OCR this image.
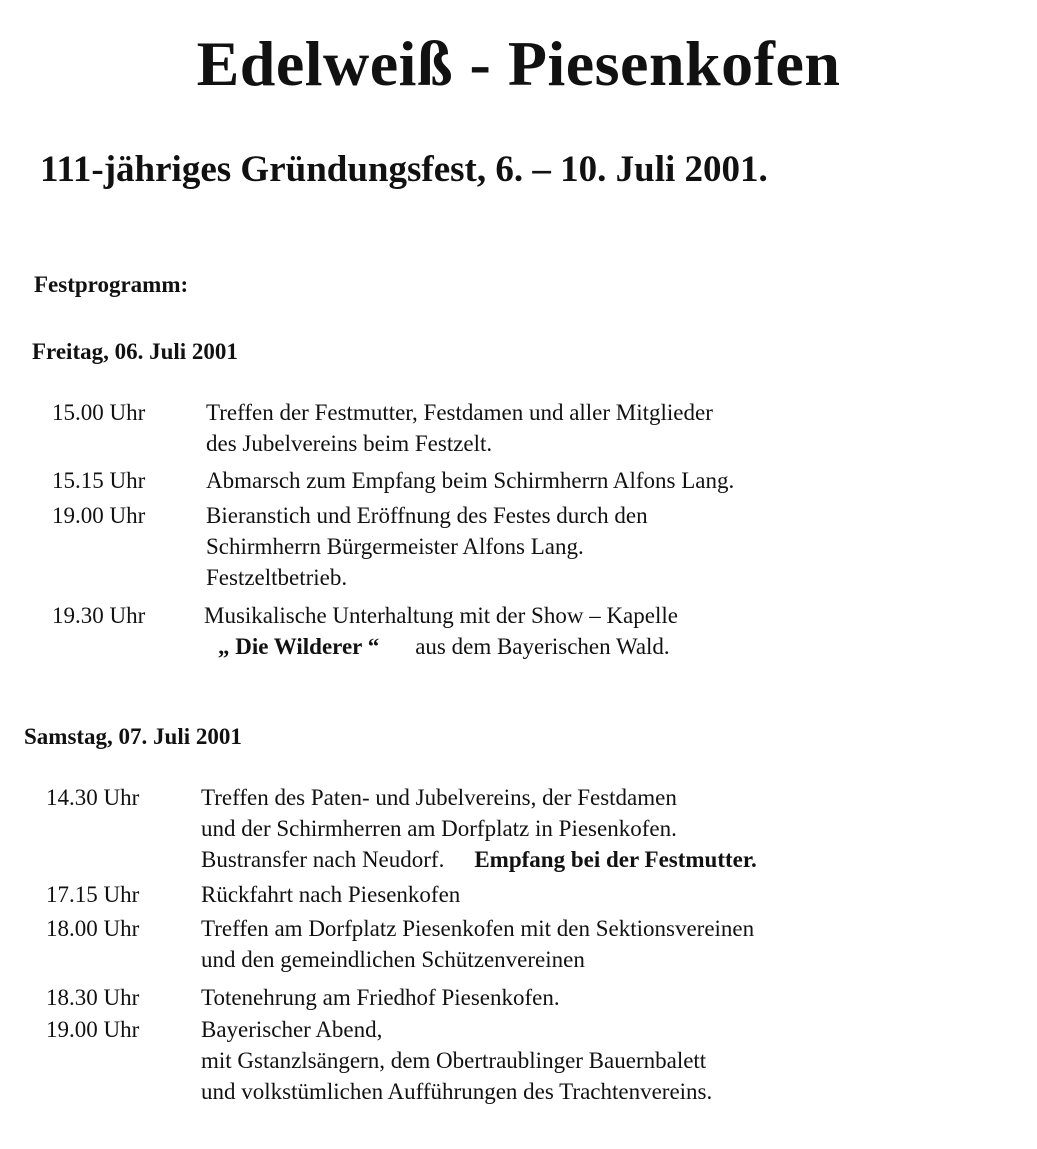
Edelweiß - Piesenkofen
111-jähriges Gründungsfest, 6. – 10. Juli 2001.
Festprogramm:
Freitag, 06. Juli 2001
15.00 Uhr	Treffen der Festmutter, Festdamen und aller Mitglieder
des Jubelvereins beim Festzelt.
15.15 Uhr	Abmarsch zum Empfang beim Schirmherrn Alfons Lang.
19.00 Uhr	Bieranstich und Eröffnung des Festes durch den
Schirmherrn Bürgermeister Alfons Lang.
Festzeltbetrieb.
19.30 Uhr	Musikalische Unterhaltung mit der Show – Kapelle
„ Die Wilderer “ aus dem Bayerischen Wald.
Samstag, 07. Juli 2001
14.30 Uhr	Treffen des Paten- und Jubelvereins, der Festdamen
und der Schirmherren am Dorfplatz in Piesenkofen.
Bustransfer nach Neudorf. Empfang bei der Festmutter.
17.15 Uhr	Rückfahrt nach Piesenkofen
18.00 Uhr	Treffen am Dorfplatz Piesenkofen mit den Sektionsvereinen
und den gemeindlichen Schützenvereinen
18.30 Uhr	Totenehrung am Friedhof Piesenkofen.
19.00 Uhr	Bayerischer Abend,
mit Gstanzlsängern, dem Obertraublinger Bauernbalett
und volkstümlichen Aufführungen des Trachtenvereins.
